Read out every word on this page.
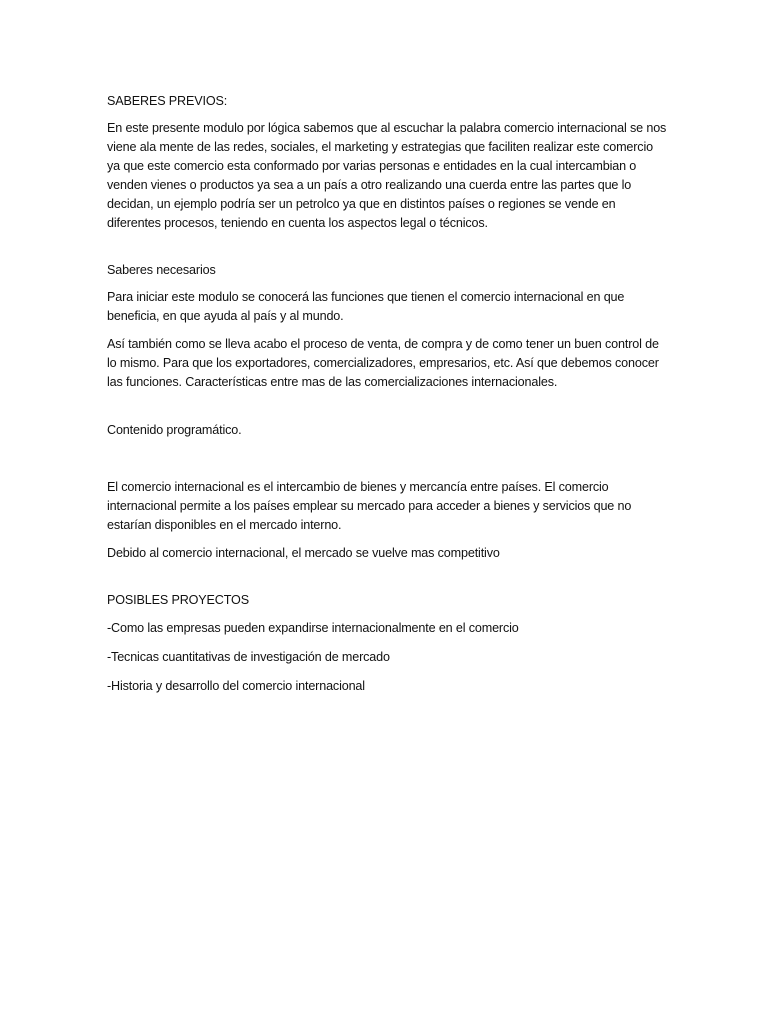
SABERES PREVIOS:

En este presente modulo por lógica sabemos que al escuchar la palabra comercio internacional se nos viene ala mente de las redes, sociales, el marketing y estrategias que faciliten realizar este comercio ya que este comercio esta conformado por varias personas e entidades en la cual intercambian o venden vienes o productos ya sea a un país a otro realizando una cuerda entre las partes que lo decidan, un ejemplo podría ser un petrolco ya que en distintos países o regiones se vende en diferentes procesos, teniendo en cuenta los aspectos legal o técnicos.

Saberes necesarios

Para iniciar este modulo se conocerá las funciones que tienen el comercio internacional en que beneficia, en que ayuda al país y al mundo.

Así también como se lleva acabo el proceso de venta, de compra y de como tener un buen control de lo mismo. Para que los exportadores, comercializadores, empresarios, etc. Así que debemos conocer las funciones. Características entre mas de las comercializaciones internacionales.

Contenido programático.

El comercio internacional es el intercambio de bienes y mercancía entre países. El comercio internacional permite a los países emplear su mercado para acceder a bienes y servicios que no estarían disponibles en el mercado interno.

Debido al comercio internacional, el mercado se vuelve mas competitivo

POSIBLES PROYECTOS

-Como las empresas pueden expandirse internacionalmente en el comercio

-Tecnicas cuantitativas de investigación de mercado

-Historia y desarrollo del comercio internacional
